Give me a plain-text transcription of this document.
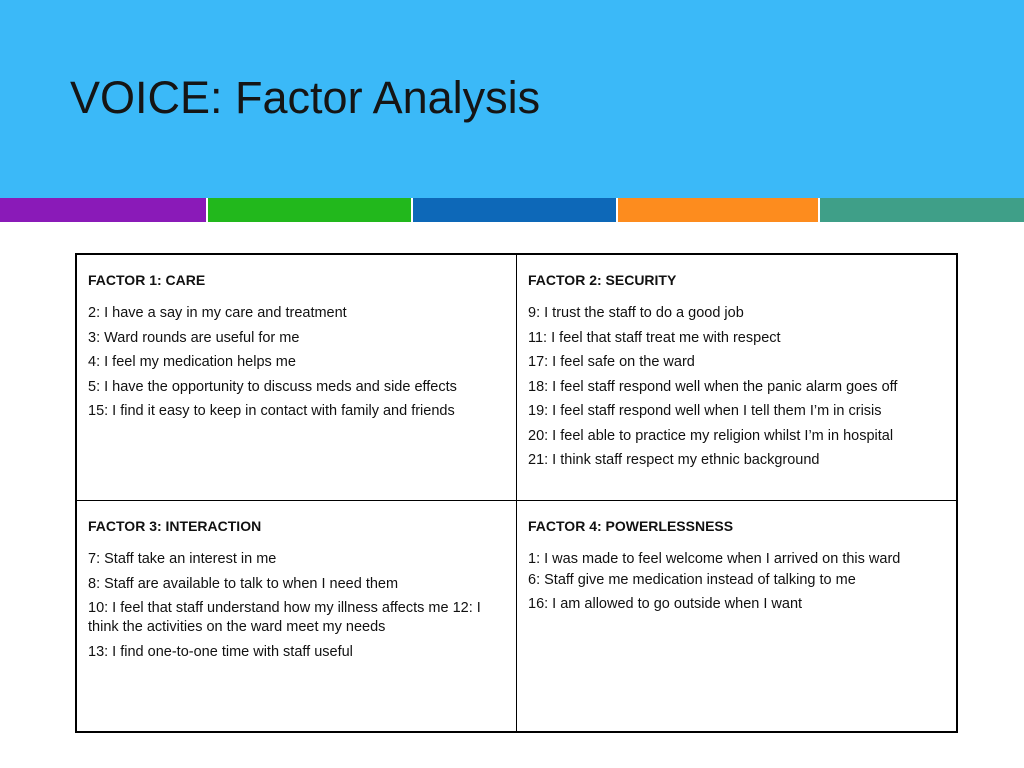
VOICE: Factor Analysis
FACTOR 1: CARE
2: I have a say in my care and treatment
3: Ward rounds are useful for me
4: I feel my medication helps me
5: I have the opportunity to discuss meds and side effects
15: I find it easy to keep in contact with family and friends
FACTOR 2: SECURITY
9: I trust the staff to do a good job
11: I feel that staff treat me with respect
17: I feel safe on the ward
18: I feel staff respond well when the panic alarm goes off
19: I feel staff respond well when I tell them I’m in crisis
20: I feel able to practice my religion whilst I’m in hospital
21: I think staff respect my ethnic background
FACTOR 3: INTERACTION
7: Staff take an interest in me
8: Staff are available to talk to when I need them
10: I feel that staff understand how my illness affects me 12: I think the activities on the ward meet my needs
13: I find one-to-one time with staff useful
FACTOR 4: POWERLESSNESS
1: I was made to feel welcome when I arrived on this ward
6: Staff give me medication instead of talking to me
16: I am allowed to go outside when I want
